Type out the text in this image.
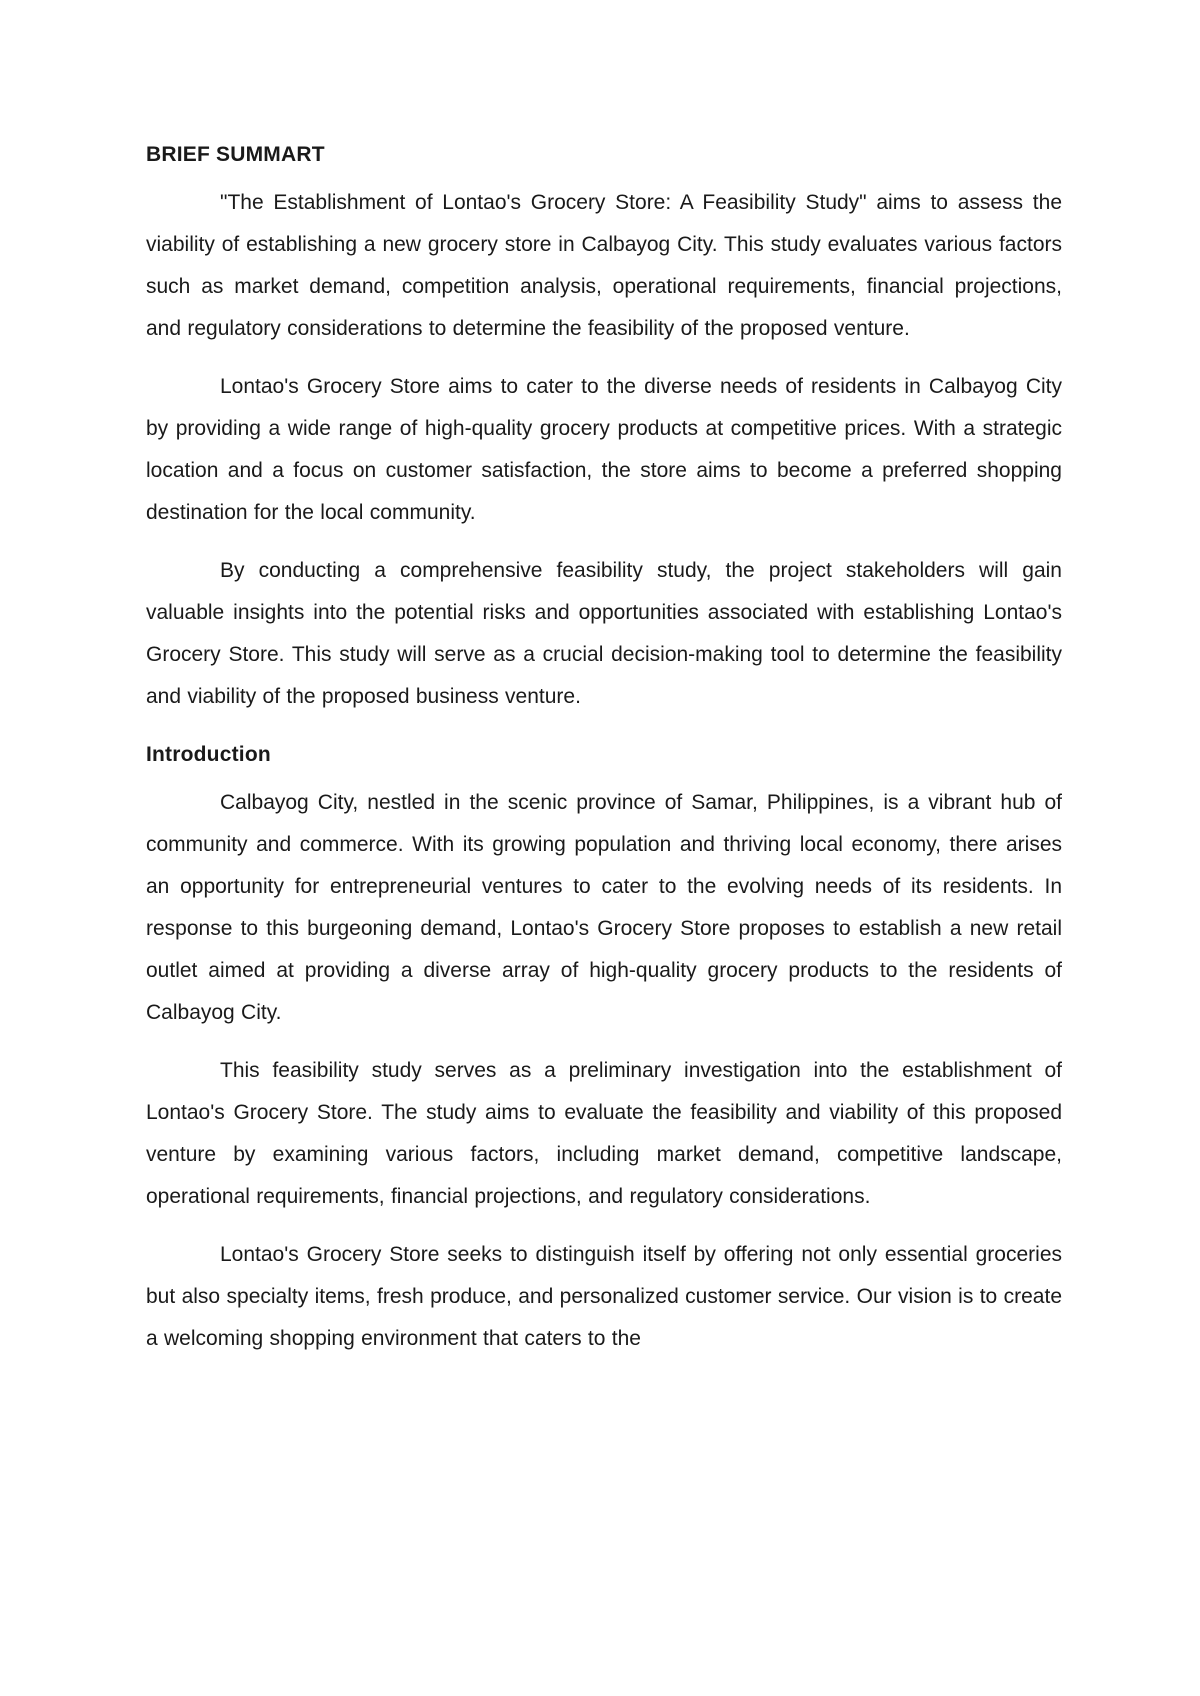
BRIEF SUMMART

"The Establishment of Lontao's Grocery Store: A Feasibility Study" aims to assess the viability of establishing a new grocery store in Calbayog City. This study evaluates various factors such as market demand, competition analysis, operational requirements, financial projections, and regulatory considerations to determine the feasibility of the proposed venture.

Lontao's Grocery Store aims to cater to the diverse needs of residents in Calbayog City by providing a wide range of high-quality grocery products at competitive prices. With a strategic location and a focus on customer satisfaction, the store aims to become a preferred shopping destination for the local community.

By conducting a comprehensive feasibility study, the project stakeholders will gain valuable insights into the potential risks and opportunities associated with establishing Lontao's Grocery Store. This study will serve as a crucial decision-making tool to determine the feasibility and viability of the proposed business venture.

Introduction

Calbayog City, nestled in the scenic province of Samar, Philippines, is a vibrant hub of community and commerce. With its growing population and thriving local economy, there arises an opportunity for entrepreneurial ventures to cater to the evolving needs of its residents. In response to this burgeoning demand, Lontao's Grocery Store proposes to establish a new retail outlet aimed at providing a diverse array of high-quality grocery products to the residents of Calbayog City.

This feasibility study serves as a preliminary investigation into the establishment of Lontao's Grocery Store. The study aims to evaluate the feasibility and viability of this proposed venture by examining various factors, including market demand, competitive landscape, operational requirements, financial projections, and regulatory considerations.

Lontao's Grocery Store seeks to distinguish itself by offering not only essential groceries but also specialty items, fresh produce, and personalized customer service. Our vision is to create a welcoming shopping environment that caters to the
